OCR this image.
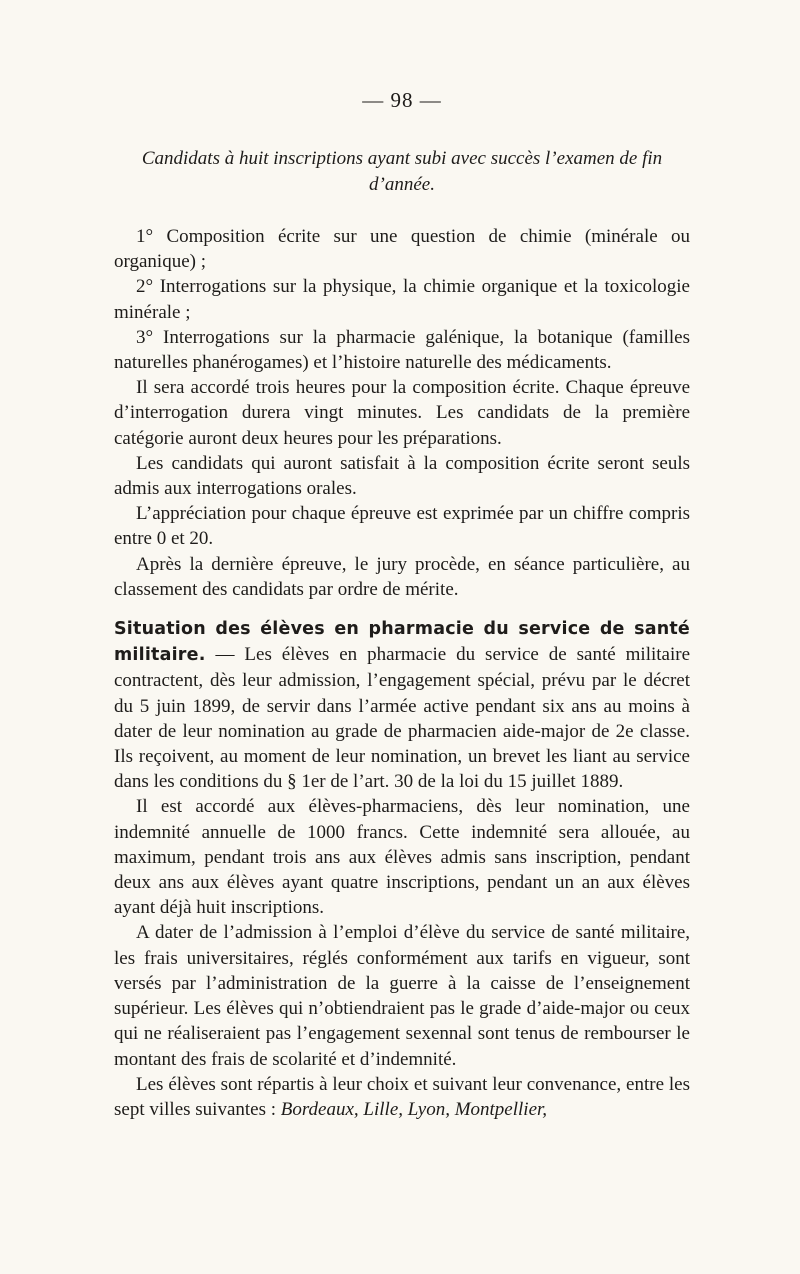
— 98 —
Candidats à huit inscriptions ayant subi avec succès l’examen de fin d’année.

1° Composition écrite sur une question de chimie (minérale ou organique) ;

2° Interrogations sur la physique, la chimie organique et la toxicologie minérale ;

3° Interrogations sur la pharmacie galénique, la botanique (familles naturelles phanérogames) et l’histoire naturelle des médicaments.

Il sera accordé trois heures pour la composition écrite. Chaque épreuve d’interrogation durera vingt minutes. Les candidats de la première catégorie auront deux heures pour les préparations.

Les candidats qui auront satisfait à la composition écrite seront seuls admis aux interrogations orales.

L’appréciation pour chaque épreuve est exprimée par un chiffre compris entre 0 et 20.

Après la dernière épreuve, le jury procède, en séance particulière, au classement des candidats par ordre de mérite.

Situation des élèves en pharmacie du service de santé militaire. — Les élèves en pharmacie du service de santé militaire contractent, dès leur admission, l’engagement spécial, prévu par le décret du 5 juin 1899, de servir dans l’armée active pendant six ans au moins à dater de leur nomination au grade de pharmacien aide-major de 2e classe. Ils reçoivent, au moment de leur nomination, un brevet les liant au service dans les conditions du § 1er de l’art. 30 de la loi du 15 juillet 1889.

Il est accordé aux élèves-pharmaciens, dès leur nomination, une indemnité annuelle de 1000 francs. Cette indemnité sera allouée, au maximum, pendant trois ans aux élèves admis sans inscription, pendant deux ans aux élèves ayant quatre inscriptions, pendant un an aux élèves ayant déjà huit inscriptions.

A dater de l’admission à l’emploi d’élève du service de santé militaire, les frais universitaires, réglés conformément aux tarifs en vigueur, sont versés par l’administration de la guerre à la caisse de l’enseignement supérieur. Les élèves qui n’obtiendraient pas le grade d’aide-major ou ceux qui ne réaliseraient pas l’engagement sexennal sont tenus de rembourser le montant des frais de scolarité et d’indemnité.

Les élèves sont répartis à leur choix et suivant leur convenance, entre les sept villes suivantes : Bordeaux, Lille, Lyon, Montpellier,
